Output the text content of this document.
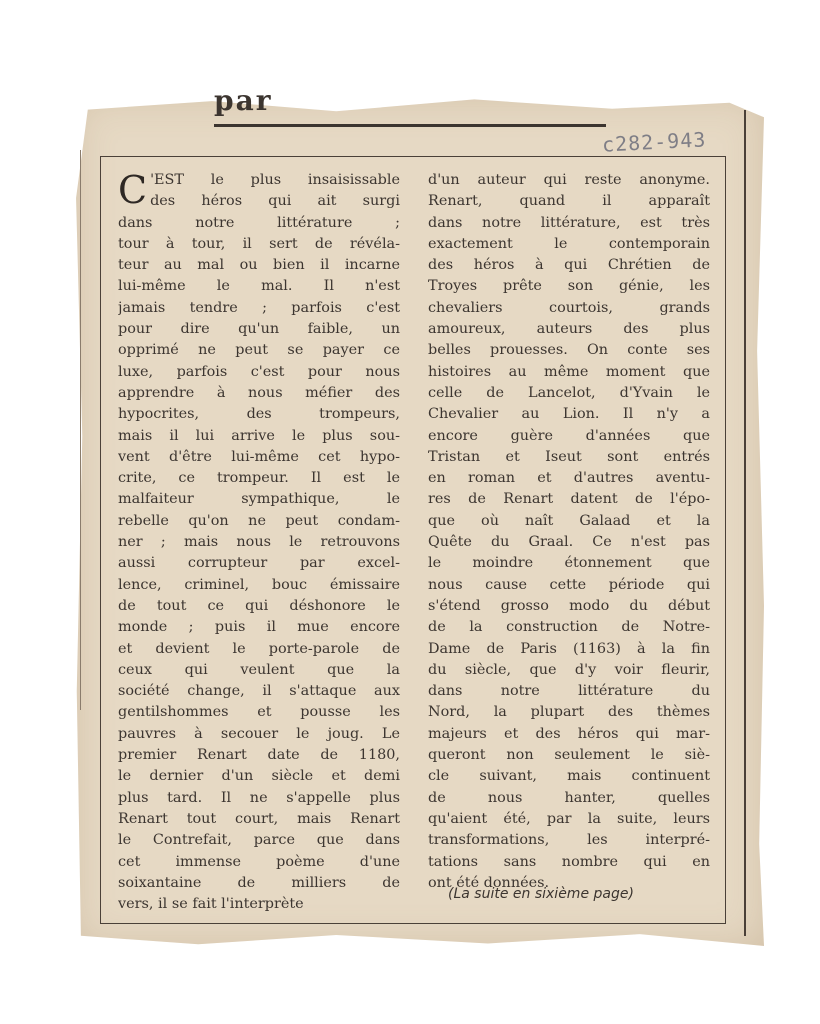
par
c282-943
C 'EST le plus insaisissable
des héros qui ait surgi
dans notre littérature ;
tour à tour, il sert de révéla-
teur au mal ou bien il incarne
lui-même le mal. Il n'est
jamais tendre ; parfois c'est
pour dire qu'un faible, un
opprimé ne peut se payer ce
luxe, parfois c'est pour nous
apprendre à nous méfier des
hypocrites, des trompeurs,
mais il lui arrive le plus sou-
vent d'être lui-même cet hypo-
crite, ce trompeur. Il est le
malfaiteur sympathique, le
rebelle qu'on ne peut condam-
ner ; mais nous le retrouvons
aussi corrupteur par excel-
lence, criminel, bouc émissaire
de tout ce qui déshonore le
monde ; puis il mue encore
et devient le porte-parole de
ceux qui veulent que la
société change, il s'attaque aux
gentilshommes et pousse les
pauvres à secouer le joug. Le
premier Renart date de 1180,
le dernier d'un siècle et demi
plus tard. Il ne s'appelle plus
Renart tout court, mais Renart
le Contrefait, parce que dans
cet immense poème d'une
soixantaine de milliers de
vers, il se fait l'interprète
d'un auteur qui reste anonyme.
Renart, quand il apparaît
dans notre littérature, est très
exactement le contemporain
des héros à qui Chrétien de
Troyes prête son génie, les
chevaliers courtois, grands
amoureux, auteurs des plus
belles prouesses. On conte ses
histoires au même moment que
celle de Lancelot, d'Yvain le
Chevalier au Lion. Il n'y a
encore guère d'années que
Tristan et Iseut sont entrés
en roman et d'autres aventu-
res de Renart datent de l'épo-
que où naît Galaad et la
Quête du Graal. Ce n'est pas
le moindre étonnement que
nous cause cette période qui
s'étend grosso modo du début
de la construction de Notre-
Dame de Paris (1163) à la fin
du siècle, que d'y voir fleurir,
dans notre littérature du
Nord, la plupart des thèmes
majeurs et des héros qui mar-
queront non seulement le siè-
cle suivant, mais continuent
de nous hanter, quelles
qu'aient été, par la suite, leurs
transformations, les interpré-
tations sans nombre qui en
ont été données.
(La suite en sixième page)
